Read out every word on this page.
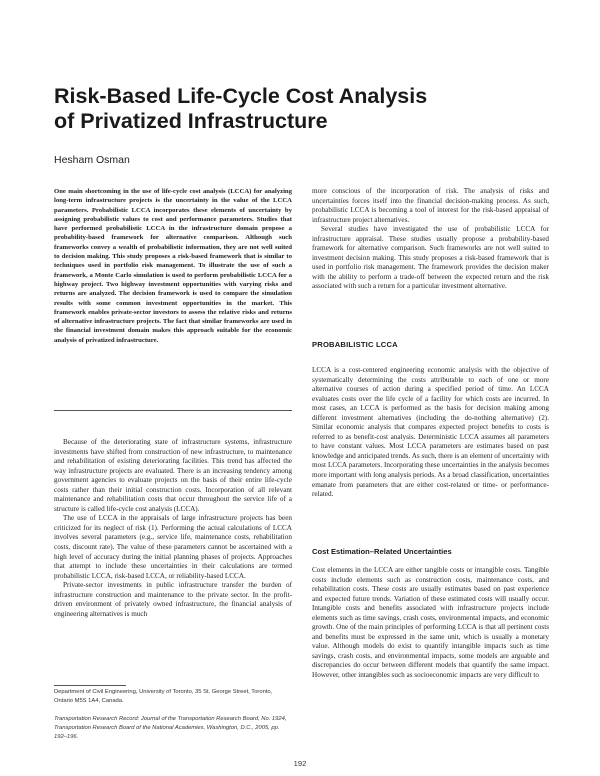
Risk-Based Life-Cycle Cost Analysis
of Privatized Infrastructure
Hesham Osman

One main shortcoming in the use of life-cycle cost analysis (LCCA) for analyzing long-term infrastructure projects is the uncertainty in the value of the LCCA parameters. Probabilistic LCCA incorporates these elements of uncertainty by assigning probabilistic values to cost and performance parameters. Studies that have performed probabilistic LCCA in the infrastructure domain propose a probability-based framework for alternative comparison. Although such frameworks convey a wealth of probabilistic information, they are not well suited to decision making. This study proposes a risk-based framework that is similar to techniques used in portfolio risk management. To illustrate the use of such a framework, a Monte Carlo simulation is used to perform probabilistic LCCA for a highway project. Two highway investment opportunities with varying risks and returns are analyzed. The decision framework is used to compare the simulation results with some common investment opportunities in the market. This framework enables private-sector investors to assess the relative risks and returns of alternative infrastructure projects. The fact that similar frameworks are used in the financial investment domain makes this approach suitable for the economic analysis of privatized infrastructure.

Because of the deteriorating state of infrastructure systems, infrastructure investments have shifted from construction of new infrastructure, to maintenance and rehabilitation of existing deteriorating facilities. This trend has affected the way infrastructure projects are evaluated. There is an increasing tendency among government agencies to evaluate projects on the basis of their entire life-cycle costs rather than their initial construction costs. Incorporation of all relevant maintenance and rehabilitation costs that occur throughout the service life of a structure is called life-cycle cost analysis (LCCA).

The use of LCCA in the appraisals of large infrastructure projects has been criticized for its neglect of risk (1). Performing the actual calculations of LCCA involves several parameters (e.g., service life, maintenance costs, rehabilitation costs, discount rate). The value of these parameters cannot be ascertained with a high level of accuracy during the initial planning phases of projects. Approaches that attempt to include these uncertainties in their calculations are termed probabilistic LCCA, risk-based LCCA, or reliability-based LCCA.

Private-sector investments in public infrastructure transfer the burden of infrastructure construction and maintenance to the private sector. In the profit-driven environment of privately owned infrastructure, the financial analysis of engineering alternatives is much

Department of Civil Engineering, University of Toronto, 35 St. George Street, Toronto, Ontario M5S 1A4, Canada.
Transportation Research Record: Journal of the Transportation Research Board, No. 1924, Transportation Research Board of the National Academies, Washington, D.C., 2005, pp. 192–196.

more conscious of the incorporation of risk. The analysis of risks and uncertainties forces itself into the financial decision-making process. As such, probabilistic LCCA is becoming a tool of interest for the risk-based appraisal of infrastructure project alternatives.

Several studies have investigated the use of probabilistic LCCA for infrastructure appraisal. These studies usually propose a probability-based framework for alternative comparison. Such frameworks are not well suited to investment decision making. This study proposes a risk-based framework that is used in portfolio risk management. The framework provides the decision maker with the ability to perform a trade-off between the expected return and the risk associated with such a return for a particular investment alternative.

PROBABILISTIC LCCA

LCCA is a cost-centered engineering economic analysis with the objective of systematically determining the costs attributable to each of one or more alternative courses of action during a specified period of time. An LCCA evaluates costs over the life cycle of a facility for which costs are incurred. In most cases, an LCCA is performed as the basis for decision making among different investment alternatives (including the do-nothing alternative) (2). Similar economic analysis that compares expected project benefits to costs is referred to as benefit-cost analysis. Deterministic LCCA assumes all parameters to have constant values. Most LCCA parameters are estimates based on past knowledge and anticipated trends. As such, there is an element of uncertainty with most LCCA parameters. Incorporating these uncertainties in the analysis becomes more important with long analysis periods. As a broad classification, uncertainties emanate from parameters that are either cost-related or time- or performance-related.

Cost Estimation–Related Uncertainties

Cost elements in the LCCA are either tangible costs or intangible costs. Tangible costs include elements such as construction costs, maintenance costs, and rehabilitation costs. These costs are usually estimates based on past experience and expected future trends. Variation of these estimated costs will usually occur. Intangible costs and benefits associated with infrastructure projects include elements such as time savings, crash costs, environmental impacts, and economic growth. One of the main principles of performing LCCA is that all pertinent costs and benefits must be expressed in the same unit, which is usually a monetary value. Although models do exist to quantify intangible impacts such as time savings, crash costs, and environmental impacts, some models are arguable and discrepancies do occur between different models that quantify the same impact. However, other intangibles such as socioeconomic impacts are very difficult to

192
